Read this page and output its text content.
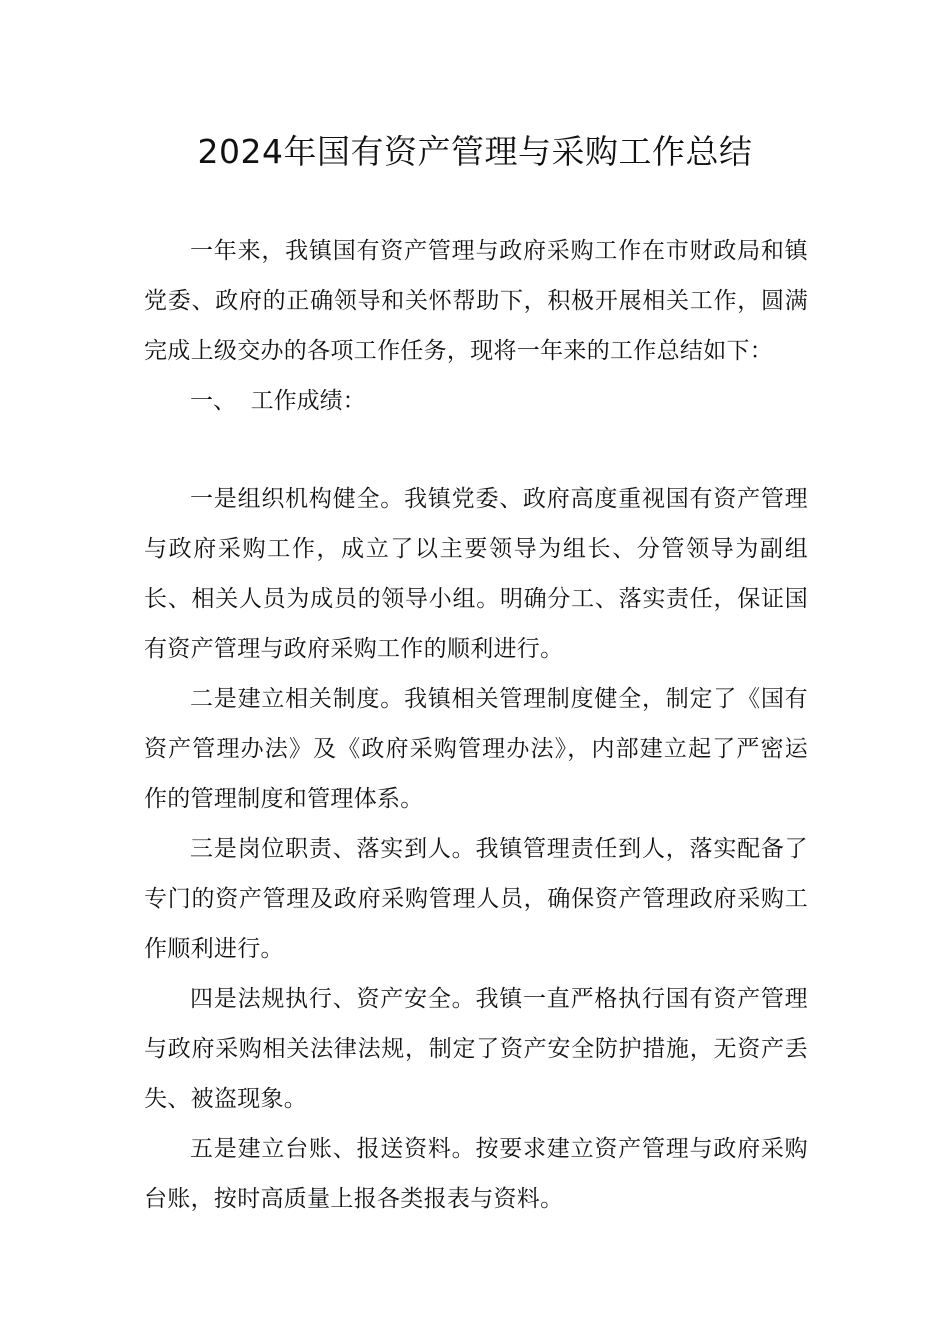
2024年国有资产管理与采购工作总结

一年来，我镇国有资产管理与政府采购工作在市财政局和镇党委、政府的正确领导和关怀帮助下，积极开展相关工作，圆满完成上级交办的各项工作任务，现将一年来的工作总结如下：

一、  工作成绩：

一是组织机构健全。我镇党委、政府高度重视国有资产管理与政府采购工作，成立了以主要领导为组长、分管领导为副组长、相关人员为成员的领导小组。明确分工、落实责任，保证国有资产管理与政府采购工作的顺利进行。

二是建立相关制度。我镇相关管理制度健全，制定了《国有资产管理办法》及《政府采购管理办法》，内部建立起了严密运作的管理制度和管理体系。

三是岗位职责、落实到人。我镇管理责任到人，落实配备了专门的资产管理及政府采购管理人员，确保资产管理政府采购工作顺利进行。

四是法规执行、资产安全。我镇一直严格执行国有资产管理与政府采购相关法律法规，制定了资产安全防护措施，无资产丢失、被盗现象。

五是建立台账、报送资料。按要求建立资产管理与政府采购台账，按时高质量上报各类报表与资料。
